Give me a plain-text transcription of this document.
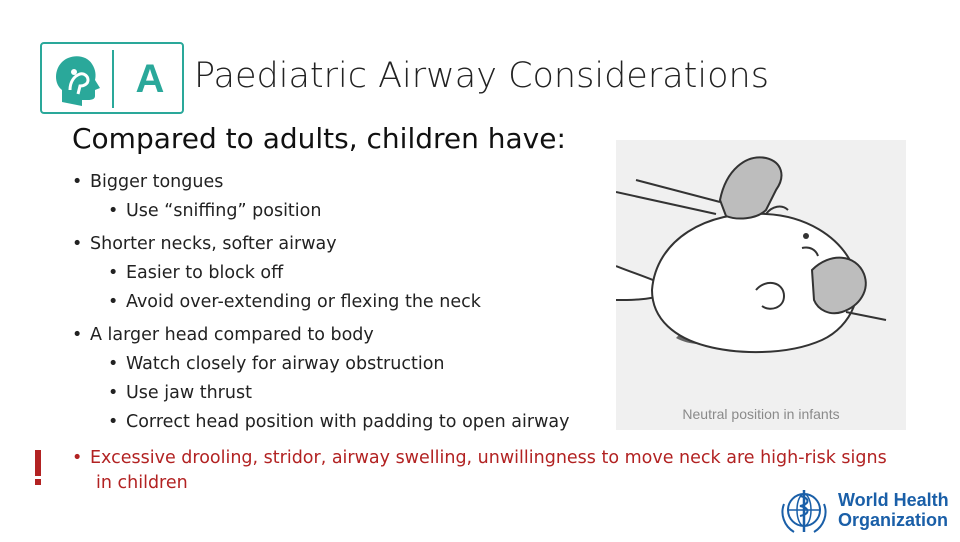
A Paediatric Airway Considerations
Compared to adults, children have:
• Bigger tongues
• Use “sniffing” position
• Shorter necks, softer airway
• Easier to block off
• Avoid over-extending or flexing the neck
• A larger head compared to body
• Watch closely for airway obstruction
• Use jaw thrust
• Correct head position with padding to open airway
• Excessive drooling, stridor, airway swelling, unwillingness to move neck are high-risk signs
in children
Neutral position in infants
World Health
Organization
